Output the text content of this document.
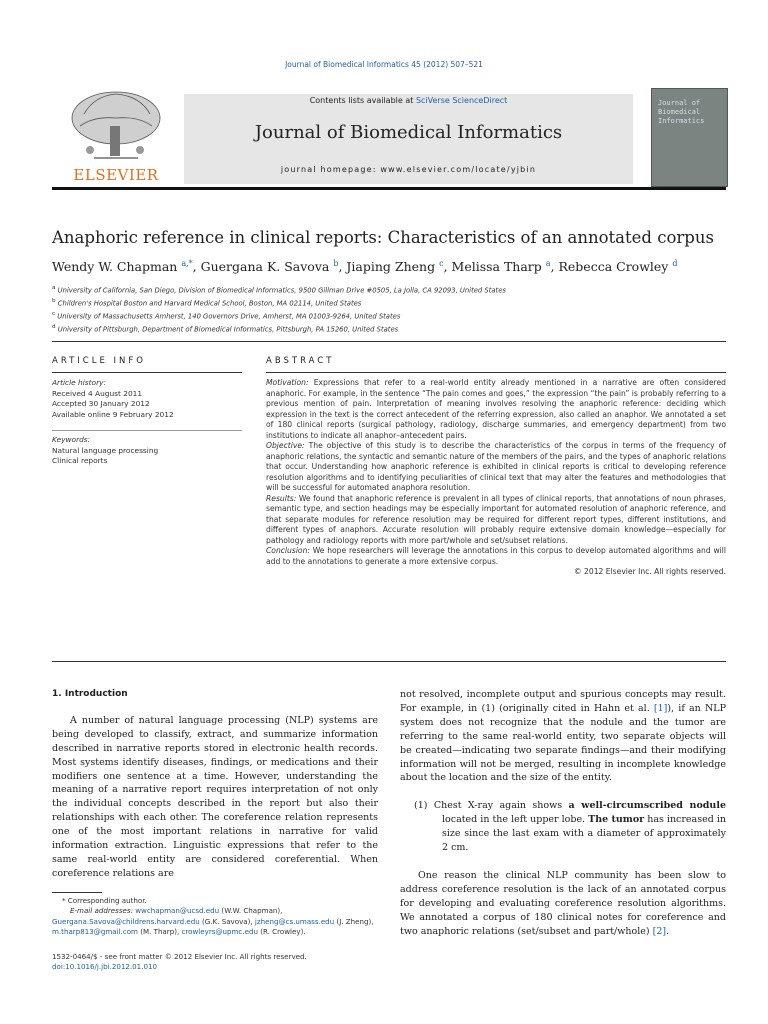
Journal of Biomedical Informatics 45 (2012) 507–521
ELSEVIER
Contents lists available at SciVerse ScienceDirect
Journal of Biomedical Informatics
journal homepage: www.elsevier.com/locate/yjbin
Journal of Biomedical Informatics
Anaphoric reference in clinical reports: Characteristics of an annotated corpus
Wendy W. Chapman $^{a,*}$, Guergana K. Savova $^b$, Jiaping Zheng $^c$, Melissa Tharp $^a$, Rebecca Crowley $^d$
$^a$ University of California, San Diego, Division of Biomedical Informatics, 9500 Gillman Drive #0505, La Jolla, CA 92093, United States
$^b$ Children's Hospital Boston and Harvard Medical School, Boston, MA 02114, United States
$^c$ University of Massachusetts Amherst, 140 Governors Drive, Amherst, MA 01003-9264, United States
$^d$ University of Pittsburgh, Department of Biomedical Informatics, Pittsburgh, PA 15260, United States
ARTICLE INFO	ABSTRACT
Article history:
Received 4 August 2011
Accepted 30 January 2012
Available online 9 February 2012
Keywords:
Natural language processing
Clinical reports
Motivation: Expressions that refer to a real-world entity already mentioned in a narrative are often considered anaphoric. For example, in the sentence “The pain comes and goes,” the expression “the pain” is probably referring to a previous mention of pain. Interpretation of meaning involves resolving the anaphoric reference: deciding which expression in the text is the correct antecedent of the referring expression, also called an anaphor. We annotated a set of 180 clinical reports (surgical pathology, radiology, discharge summaries, and emergency department) from two institutions to indicate all anaphor–antecedent pairs.
Objective: The objective of this study is to describe the characteristics of the corpus in terms of the frequency of anaphoric relations, the syntactic and semantic nature of the members of the pairs, and the types of anaphoric relations that occur. Understanding how anaphoric reference is exhibited in clinical reports is critical to developing reference resolution algorithms and to identifying peculiarities of clinical text that may alter the features and methodologies that will be successful for automated anaphora resolution.
Results: We found that anaphoric reference is prevalent in all types of clinical reports, that annotations of noun phrases, semantic type, and section headings may be especially important for automated resolution of anaphoric reference, and that separate modules for reference resolution may be required for different report types, different institutions, and different types of anaphors. Accurate resolution will probably require extensive domain knowledge—especially for pathology and radiology reports with more part/whole and set/subset relations.
Conclusion: We hope researchers will leverage the annotations in this corpus to develop automated algorithms and will add to the annotations to generate a more extensive corpus.
© 2012 Elsevier Inc. All rights reserved.

1. Introduction

A number of natural language processing (NLP) systems are being developed to classify, extract, and summarize information described in narrative reports stored in electronic health records. Most systems identify diseases, findings, or medications and their modifiers one sentence at a time. However, understanding the meaning of a narrative report requires interpretation of not only the individual concepts described in the report but also their relationships with each other. The coreference relation represents one of the most important relations in narrative for valid information extraction. Linguistic expressions that refer to the same real-world entity are considered coreferential. When coreference relations are

* Corresponding author.
E-mail addresses: wwchapman@ucsd.edu (W.W. Chapman), Guergana.Savova@childrens.harvard.edu (G.K. Savova), jzheng@cs.umass.edu (J. Zheng), m.tharp813@gmail.com (M. Tharp), crowleyrs@upmc.edu (R. Crowley).
1532-0464/$ - see front matter © 2012 Elsevier Inc. All rights reserved.
doi:10.1016/j.jbi.2012.01.010

not resolved, incomplete output and spurious concepts may result. For example, in (1) (originally cited in Hahn et al. [1]), if an NLP system does not recognize that the nodule and the tumor are referring to the same real-world entity, two separate objects will be created—indicating two separate findings—and their modifying information will not be merged, resulting in incomplete knowledge about the location and the size of the entity.

(1) Chest X-ray again shows a well-circumscribed nodule located in the left upper lobe. The tumor has increased in size since the last exam with a diameter of approximately 2 cm.

One reason the clinical NLP community has been slow to address coreference resolution is the lack of an annotated corpus for developing and evaluating coreference resolution algorithms. We annotated a corpus of 180 clinical notes for coreference and two anaphoric relations (set/subset and part/whole) [2].
